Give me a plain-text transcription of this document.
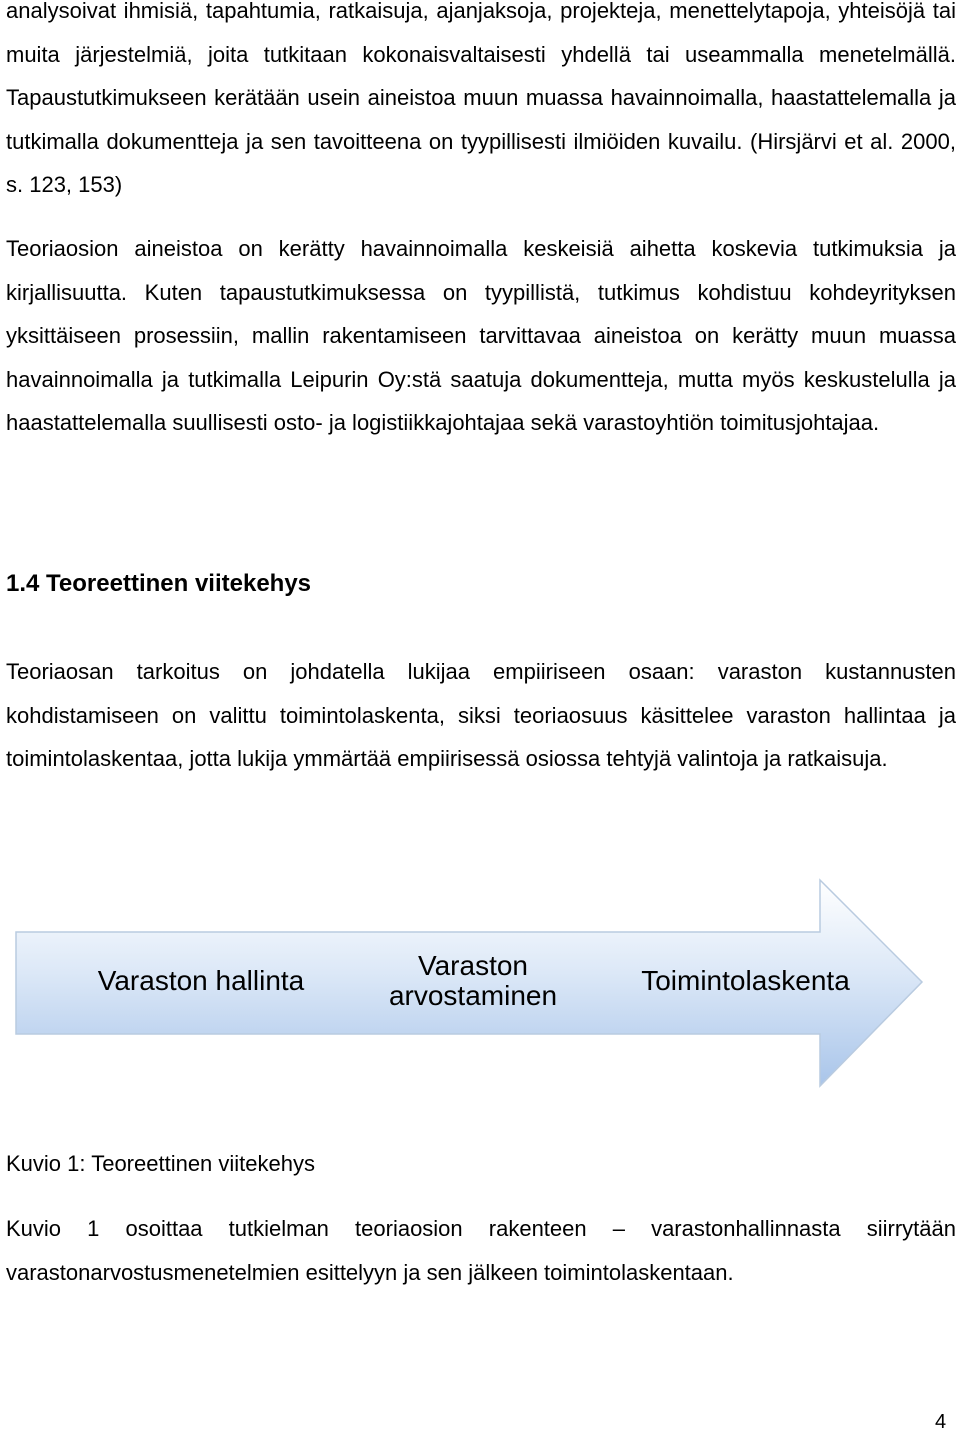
analysoivat ihmisiä, tapahtumia, ratkaisuja, ajanjaksoja, projekteja, menettelytapoja, yhteisöjä tai muita järjestelmiä, joita tutkitaan kokonaisvaltaisesti yhdellä tai useammalla menetelmällä. Tapaustutkimukseen kerätään usein aineistoa muun muassa havainnoimalla, haastattelemalla ja tutkimalla dokumentteja ja sen tavoitteena on tyypillisesti ilmiöiden kuvailu. (Hirsjärvi et al. 2000, s. 123, 153)

Teoriaosion aineistoa on kerätty havainnoimalla keskeisiä aihetta koskevia tutkimuksia ja kirjallisuutta. Kuten tapaustutkimuksessa on tyypillistä, tutkimus kohdistuu kohdeyrityksen yksittäiseen prosessiin, mallin rakentamiseen tarvittavaa aineistoa on kerätty muun muassa havainnoimalla ja tutkimalla Leipurin Oy:stä saatuja dokumentteja, mutta myös keskustelulla ja haastattelemalla suullisesti osto- ja logistiikkajohtajaa sekä varastoyhtiön toimitusjohtajaa.

1.4 Teoreettinen viitekehys

Teoriaosan tarkoitus on johdatella lukijaa empiiriseen osaan: varaston kustannusten kohdistamiseen on valittu toimintolaskenta, siksi teoriaosuus käsittelee varaston hallintaa ja toimintolaskentaa, jotta lukija ymmärtää empiirisessä osiossa tehtyjä valintoja ja ratkaisuja.

Varaston hallinta	Varaston
arvostaminen	Toimintolaskenta

Kuvio 1: Teoreettinen viitekehys

Kuvio 1 osoittaa tutkielman teoriaosion rakenteen – varastonhallinnasta siirrytään varastonarvostusmenetelmien esittelyyn ja sen jälkeen toimintolaskentaan.

4
